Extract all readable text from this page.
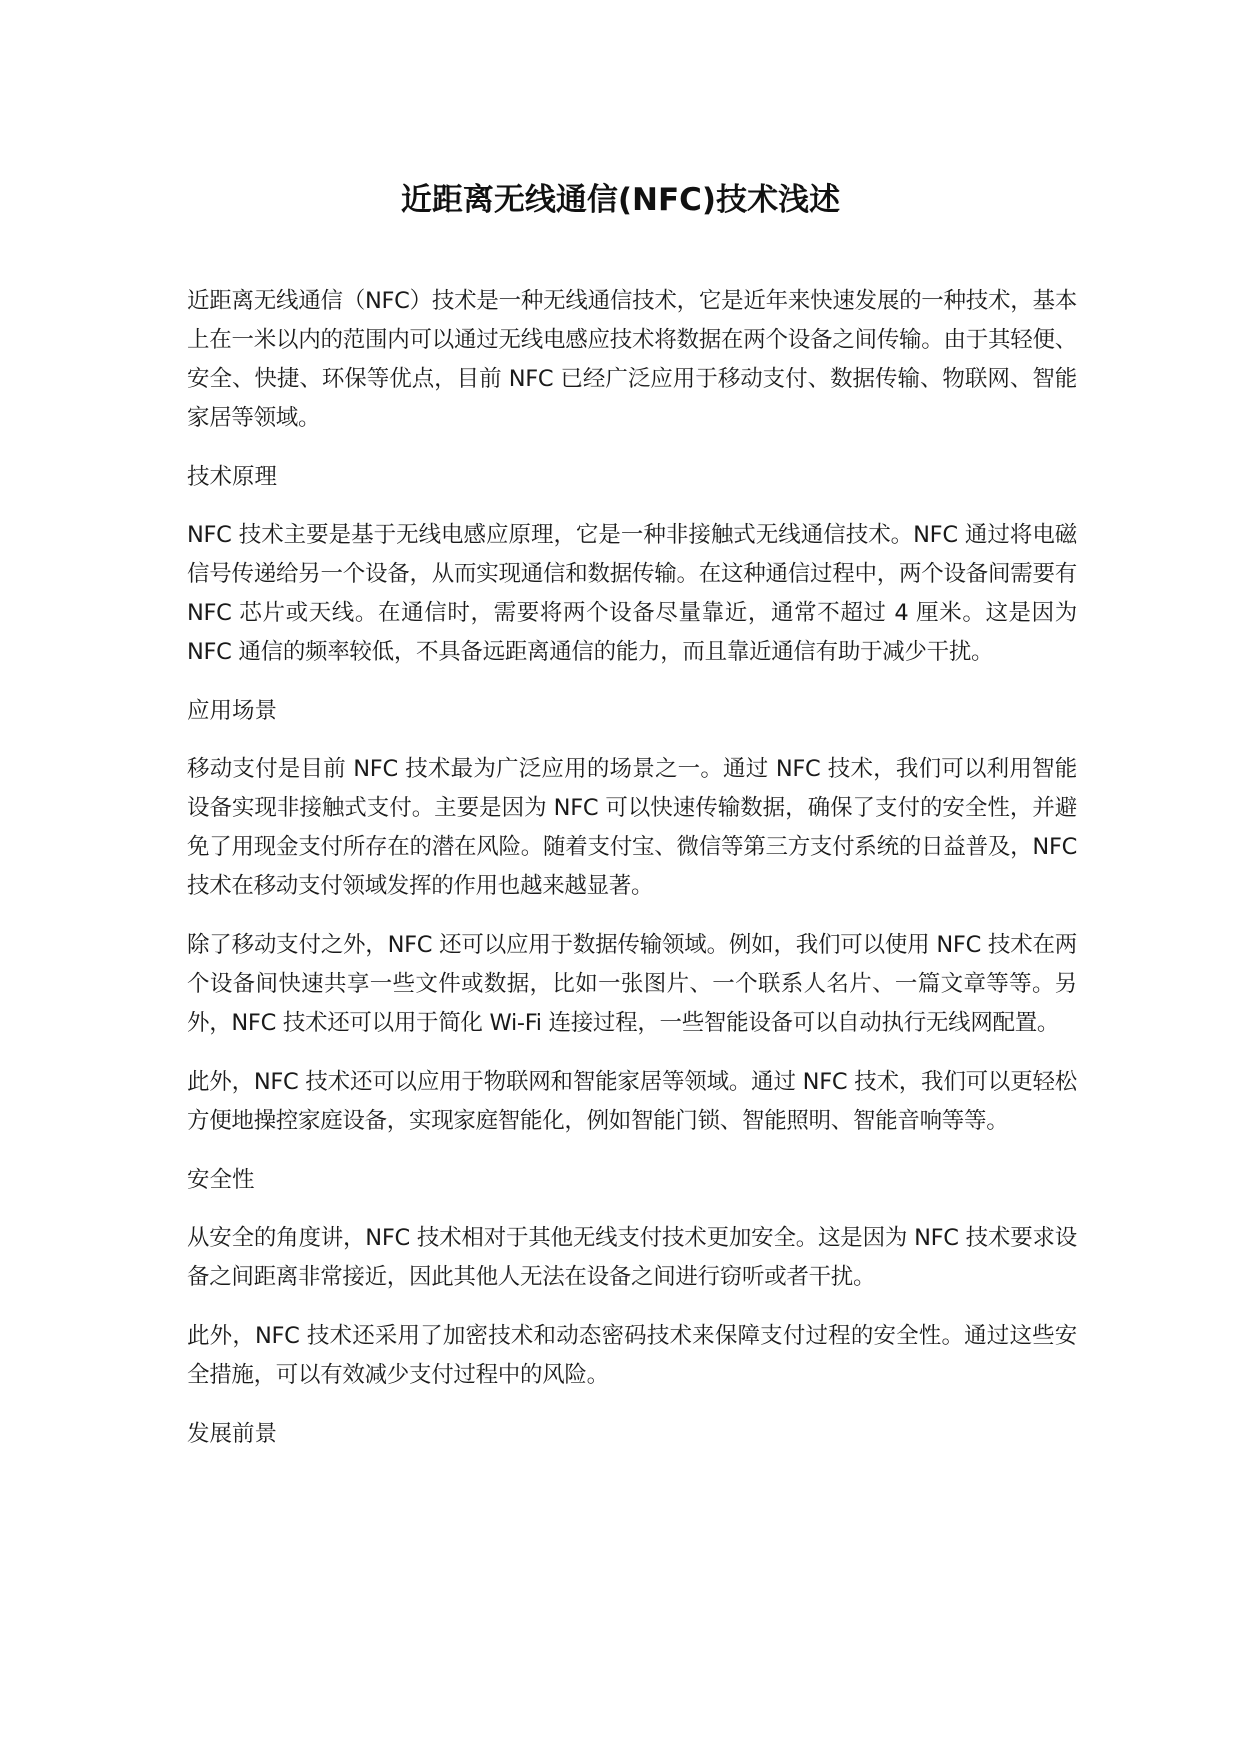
近距离无线通信(NFC)技术浅述

近距离无线通信（NFC）技术是一种无线通信技术，它是近年来快速发展的一种技术，基本上在一米以内的范围内可以通过无线电感应技术将数据在两个设备之间传输。由于其轻便、安全、快捷、环保等优点，目前 NFC 已经广泛应用于移动支付、数据传输、物联网、智能家居等领域。

技术原理

NFC 技术主要是基于无线电感应原理，它是一种非接触式无线通信技术。NFC 通过将电磁信号传递给另一个设备，从而实现通信和数据传输。在这种通信过程中，两个设备间需要有 NFC 芯片或天线。在通信时，需要将两个设备尽量靠近，通常不超过 4 厘米。这是因为 NFC 通信的频率较低，不具备远距离通信的能力，而且靠近通信有助于减少干扰。

应用场景

移动支付是目前 NFC 技术最为广泛应用的场景之一。通过 NFC 技术，我们可以利用智能设备实现非接触式支付。主要是因为 NFC 可以快速传输数据，确保了支付的安全性，并避免了用现金支付所存在的潜在风险。随着支付宝、微信等第三方支付系统的日益普及，NFC 技术在移动支付领域发挥的作用也越来越显著。

除了移动支付之外，NFC 还可以应用于数据传输领域。例如，我们可以使用 NFC 技术在两个设备间快速共享一些文件或数据，比如一张图片、一个联系人名片、一篇文章等等。另外，NFC 技术还可以用于简化 Wi-Fi 连接过程，一些智能设备可以自动执行无线网配置。

此外，NFC 技术还可以应用于物联网和智能家居等领域。通过 NFC 技术，我们可以更轻松方便地操控家庭设备，实现家庭智能化，例如智能门锁、智能照明、智能音响等等。

安全性

从安全的角度讲，NFC 技术相对于其他无线支付技术更加安全。这是因为 NFC 技术要求设备之间距离非常接近，因此其他人无法在设备之间进行窃听或者干扰。

此外，NFC 技术还采用了加密技术和动态密码技术来保障支付过程的安全性。通过这些安全措施，可以有效减少支付过程中的风险。

发展前景
